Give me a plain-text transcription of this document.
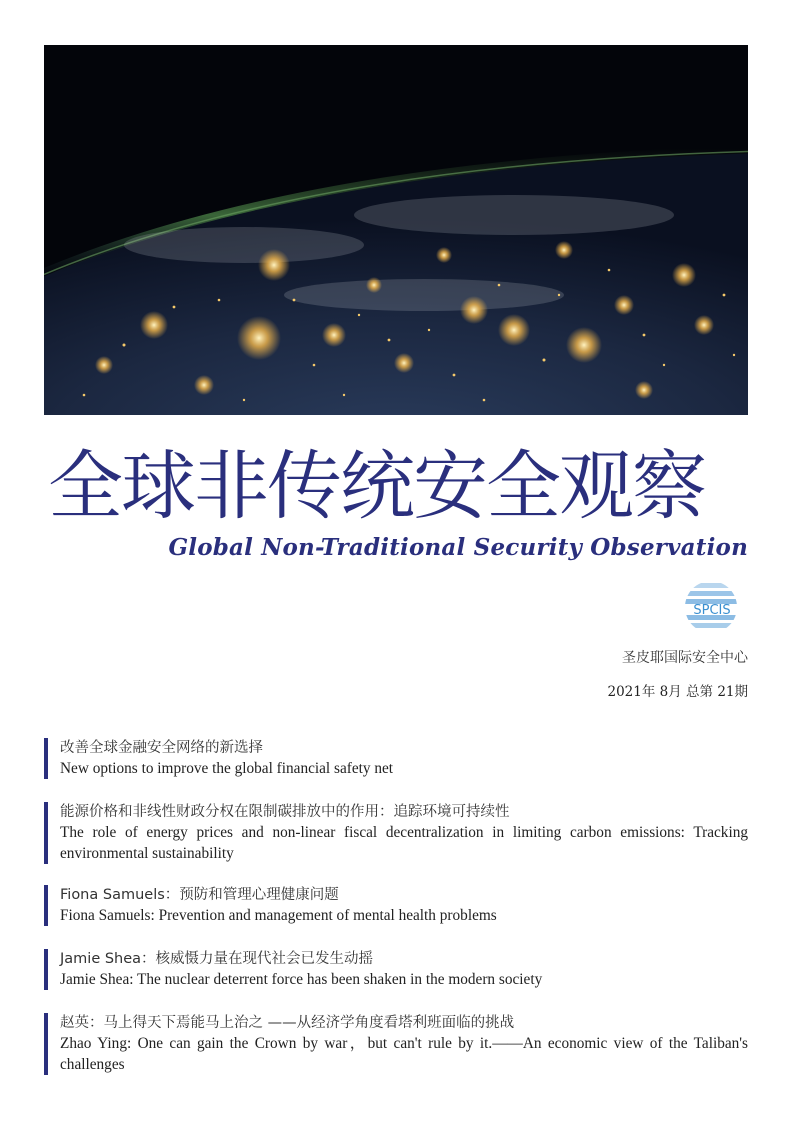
全球非传统安全观察
Global Non-Traditional Security Observation
SPCIS
圣皮耶国际安全中心
2021年 8月 总第 21期
改善全球金融安全网络的新选择
New options to improve the global financial safety net
能源价格和非线性财政分权在限制碳排放中的作用：追踪环境可持续性
The role of energy prices and non-linear fiscal decentralization in limiting carbon emissions: Tracking environmental sustainability
Fiona Samuels：预防和管理心理健康问题
Fiona Samuels: Prevention and management of mental health problems
Jamie Shea：核威慑力量在现代社会已发生动摇
Jamie Shea: The nuclear deterrent force has been shaken in the modern society
赵英：马上得天下焉能马上治之 ——从经济学角度看塔利班面临的挑战
Zhao Ying: One can gain the Crown by war，but can't rule by it.——An economic view of the Taliban's challenges
